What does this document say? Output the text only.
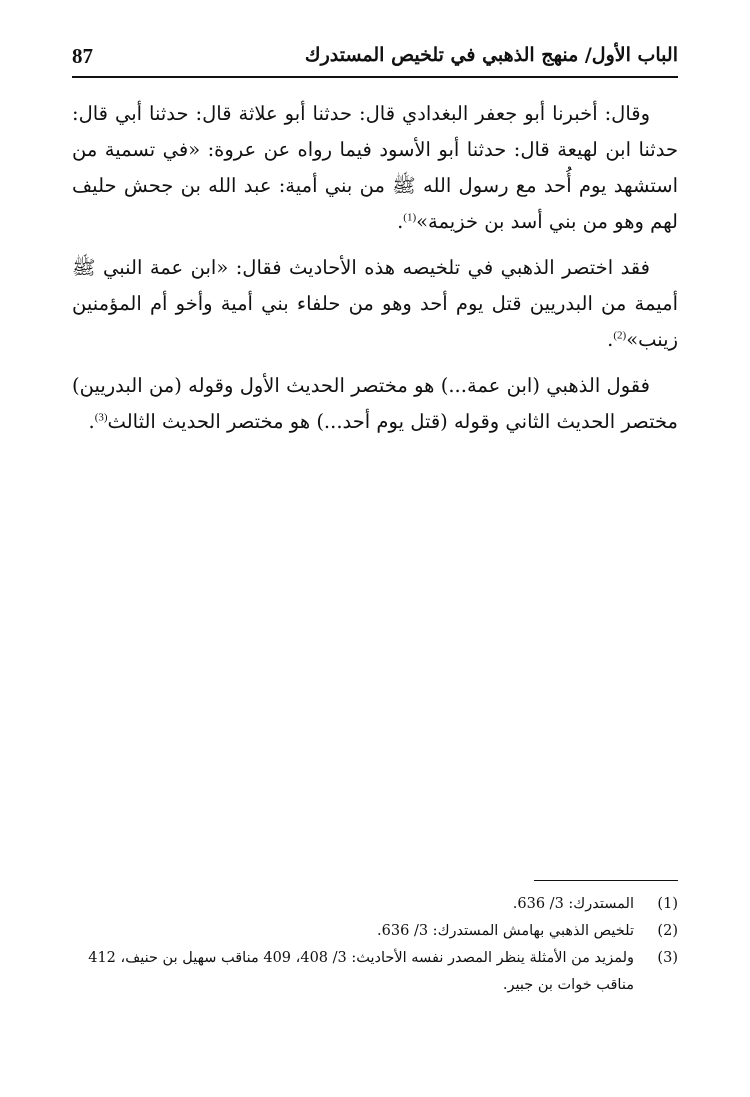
87	الباب الأول/ منهج الذهبي في تلخيص المستدرك

وقال: أخبرنا أبو جعفر البغدادي قال: حدثنا أبو علاثة قال: حدثنا أبي قال: حدثنا ابن لهيعة قال: حدثنا أبو الأسود فيما رواه عن عروة: «في تسمية من استشهد يوم أُحد مع رسول الله ﷺ من بني أمية: عبد الله بن جحش حليف لهم وهو من بني أسد بن خزيمة»$^{(1)}$.

فقد اختصر الذهبي في تلخيصه هذه الأحاديث فقال: «ابن عمة النبي ﷺ أميمة من البدريين قتل يوم أحد وهو من حلفاء بني أمية وأخو أم المؤمنين زينب»$^{(2)}$.

فقول الذهبي (ابن عمة...) هو مختصر الحديث الأول وقوله (من البدريين) مختصر الحديث الثاني وقوله (قتل يوم أحد...) هو مختصر الحديث الثالث$^{(3)}$.

(1)
المستدرك: 3/ 636.
(2)
تلخيص الذهبي بهامش المستدرك: 3/ 636.
(3)
ولمزيد من الأمثلة ينظر المصدر نفسه الأحاديث: 3/ 408، 409 مناقب سهيل بن حنيف، 412 مناقب خوات بن جبير.
